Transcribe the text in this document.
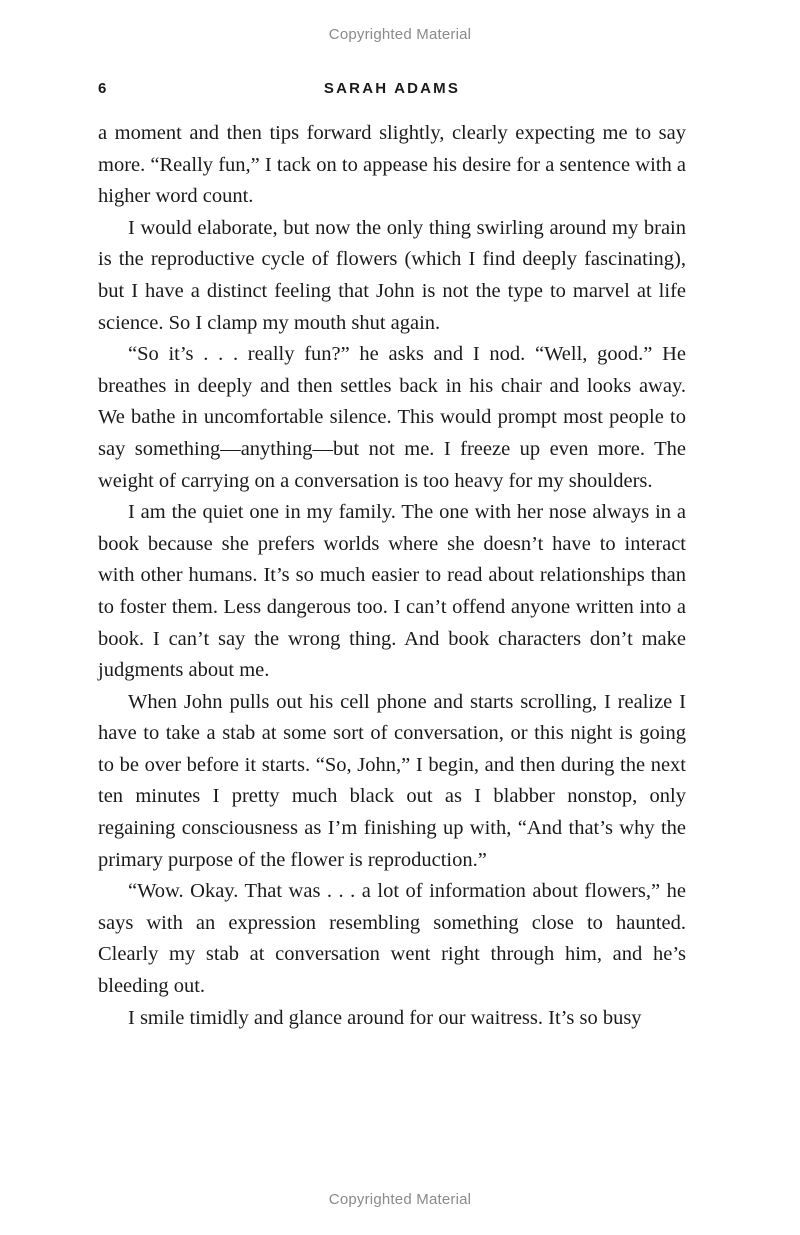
Copyrighted Material
6	SARAH ADAMS

a moment and then tips forward slightly, clearly expecting me to say more. “Really fun,” I tack on to appease his desire for a sentence with a higher word count.

I would elaborate, but now the only thing swirling around my brain is the reproductive cycle of flowers (which I find deeply fascinating), but I have a distinct feeling that John is not the type to marvel at life science. So I clamp my mouth shut again.

“So it’s . . . really fun?” he asks and I nod. “Well, good.” He breathes in deeply and then settles back in his chair and looks away. We bathe in uncomfortable silence. This would prompt most people to say something—anything—but not me. I freeze up even more. The weight of carrying on a conversation is too heavy for my shoulders.

I am the quiet one in my family. The one with her nose always in a book because she prefers worlds where she doesn’t have to interact with other humans. It’s so much easier to read about relationships than to foster them. Less dangerous too. I can’t offend anyone written into a book. I can’t say the wrong thing. And book characters don’t make judgments about me.

When John pulls out his cell phone and starts scrolling, I realize I have to take a stab at some sort of conversation, or this night is going to be over before it starts. “So, John,” I begin, and then during the next ten minutes I pretty much black out as I blabber nonstop, only regaining consciousness as I’m finishing up with, “And that’s why the primary purpose of the flower is reproduction.”

“Wow. Okay. That was . . . a lot of information about flowers,” he says with an expression resembling something close to haunted. Clearly my stab at conversation went right through him, and he’s bleeding out.

I smile timidly and glance around for our waitress. It’s so busy

Copyrighted Material
